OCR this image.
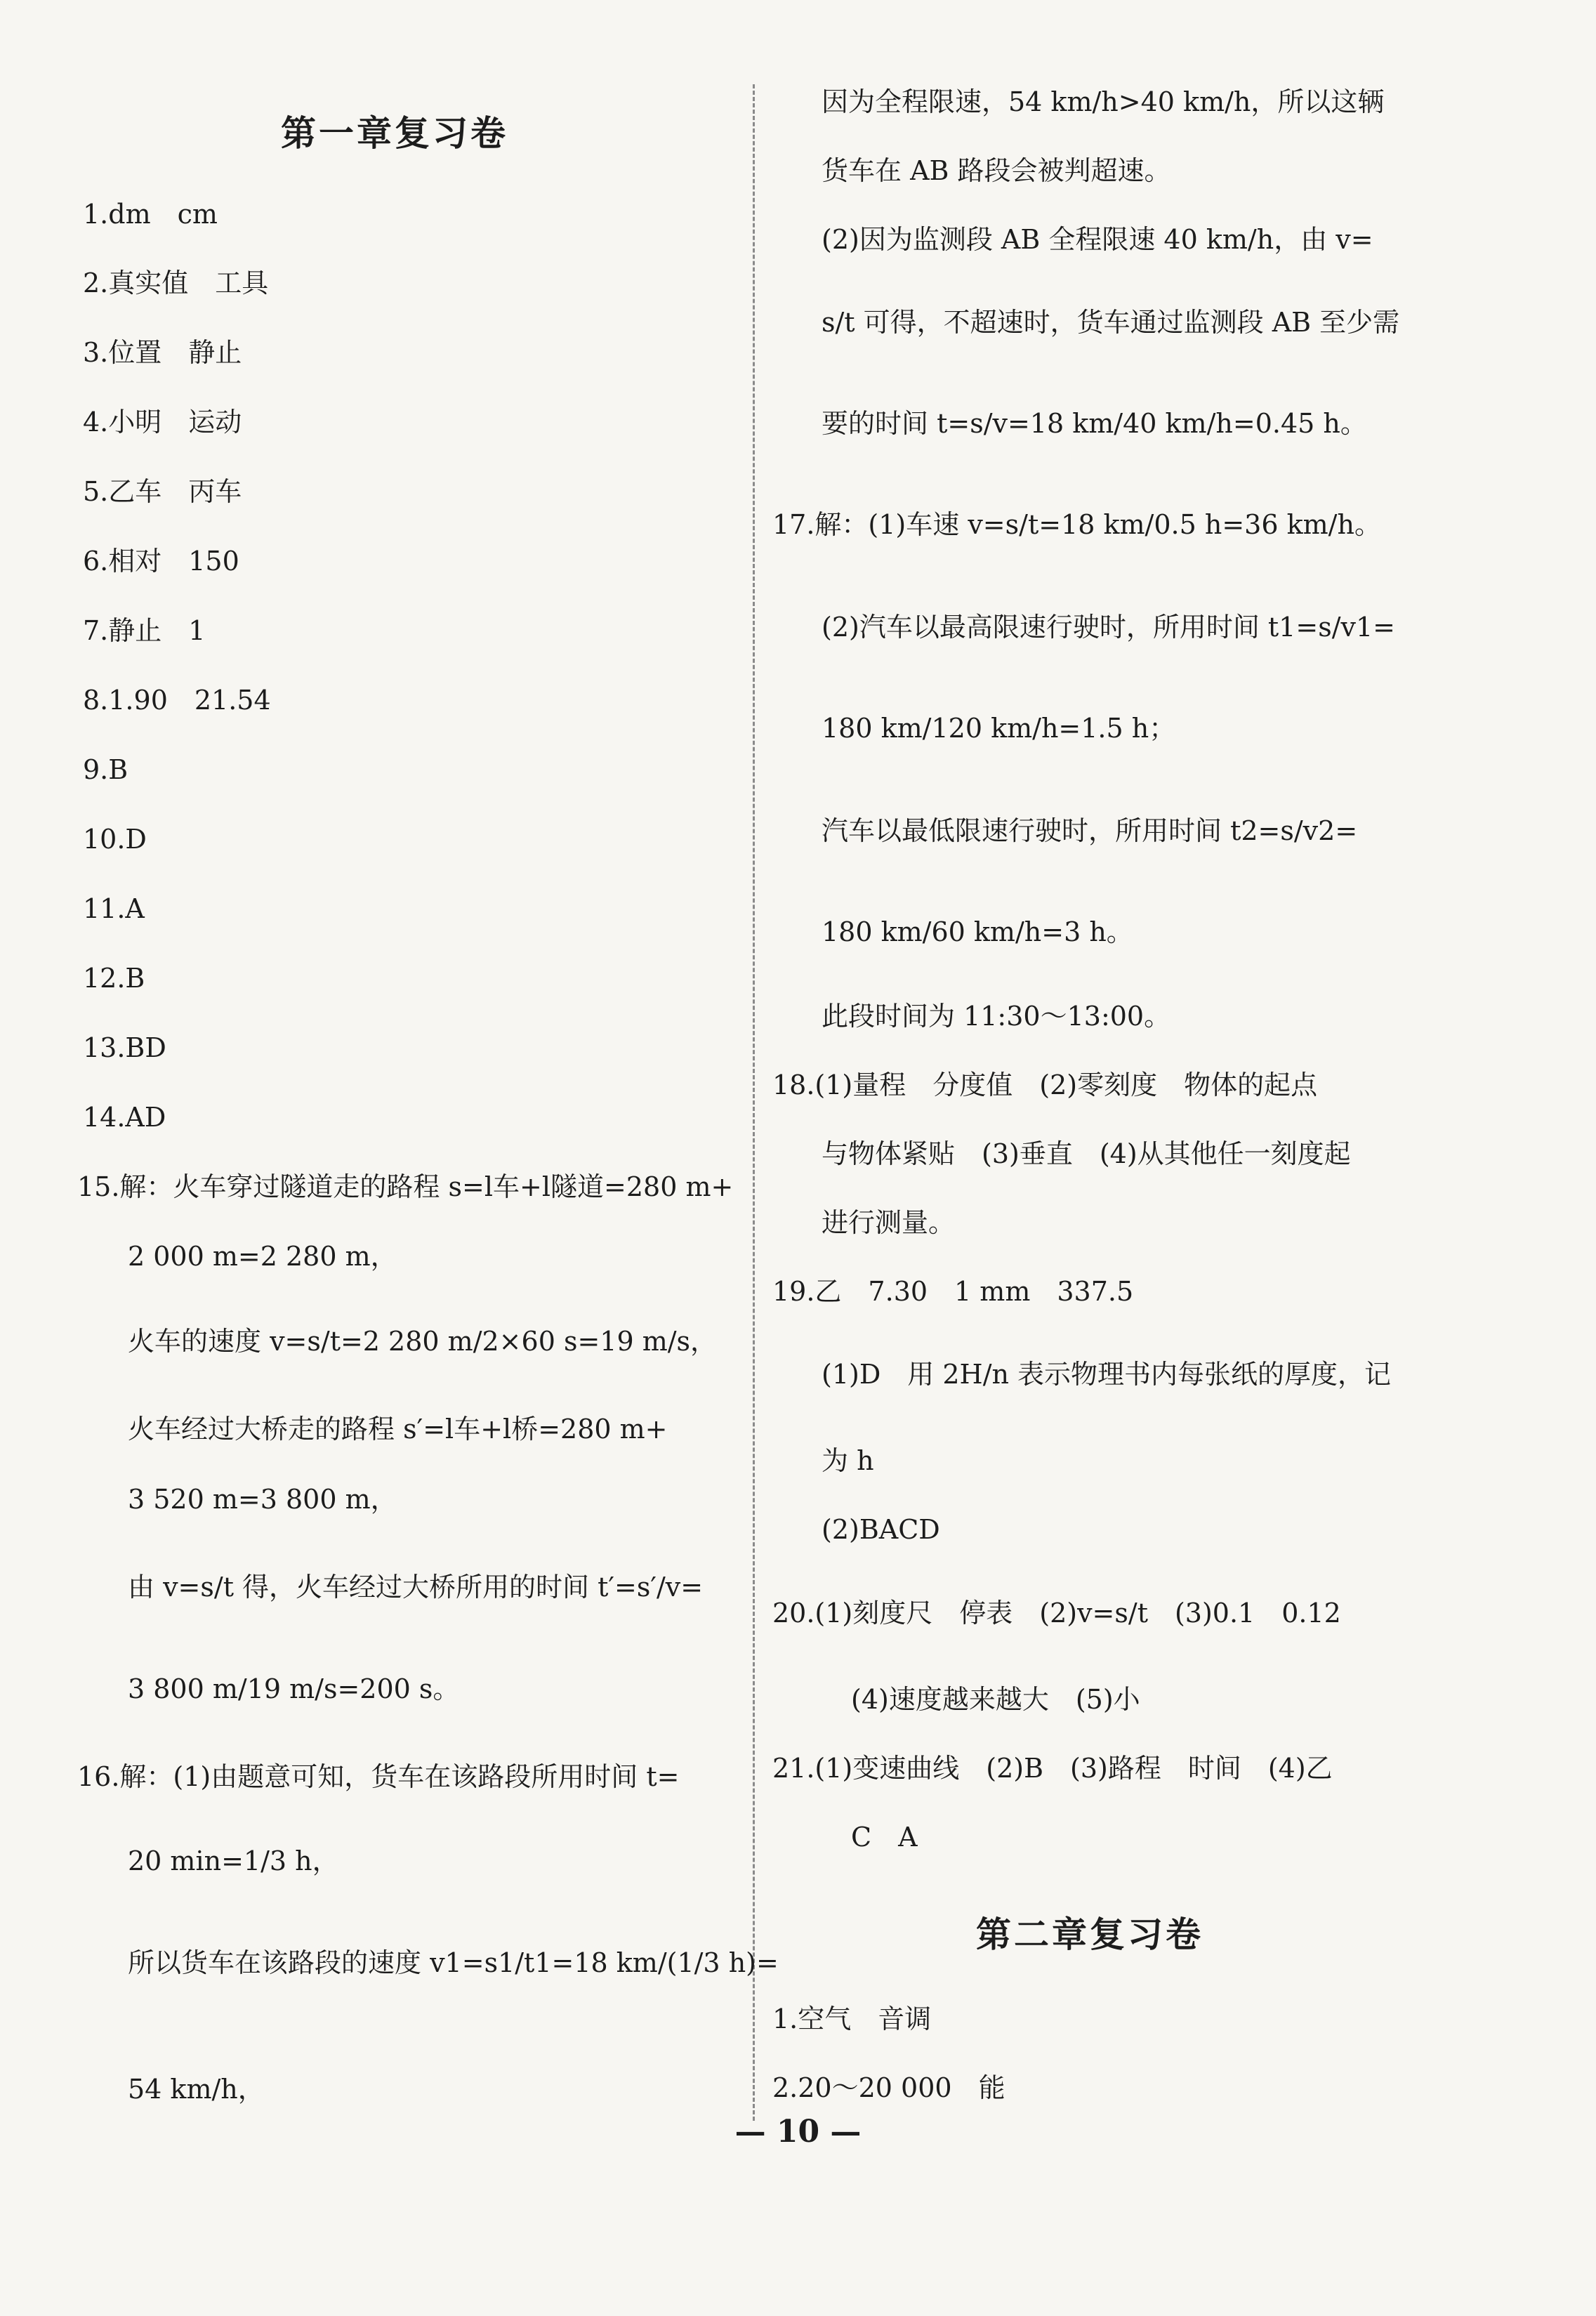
第一章复习卷
1.dm　cm
2.真实值　工具
3.位置　静止
4.小明　运动
5.乙车　丙车
6.相对　150
7.静止　1
8.1.90　21.54
9.B
10.D
11.A
12.B
13.BD
14.AD
15.解：火车穿过隧道走的路程 s=l车+l隧道=280 m+
2 000 m=2 280 m，
火车的速度 v=s/t=2 280 m/2×60 s=19 m/s，
火车经过大桥走的路程 s′=l车+l桥=280 m+
3 520 m=3 800 m，
由 v=s/t 得，火车经过大桥所用的时间 t′=s′/v=
3 800 m/19 m/s=200 s。
16.解：(1)由题意可知，货车在该路段所用时间 t=
20 min=1/3 h，
所以货车在该路段的速度 v1=s1/t1=18 km/(1/3 h)=
54 km/h，
因为全程限速，54 km/h>40 km/h，所以这辆
货车在 AB 路段会被判超速。
(2)因为监测段 AB 全程限速 40 km/h，由 v=
s/t 可得，不超速时，货车通过监测段 AB 至少需
要的时间 t=s/v=18 km/40 km/h=0.45 h。
17.解：(1)车速 v=s/t=18 km/0.5 h=36 km/h。
(2)汽车以最高限速行驶时，所用时间 t1=s/v1=
180 km/120 km/h=1.5 h；
汽车以最低限速行驶时，所用时间 t2=s/v2=
180 km/60 km/h=3 h。
此段时间为 11:30～13:00。
18.(1)量程　分度值　(2)零刻度　物体的起点
与物体紧贴　(3)垂直　(4)从其他任一刻度起
进行测量。
19.乙　7.30　1 mm　337.5
(1)D　用 2H/n 表示物理书内每张纸的厚度，记
为 h
(2)BACD
20.(1)刻度尺　停表　(2)v=s/t　(3)0.1　0.12
(4)速度越来越大　(5)小
21.(1)变速曲线　(2)B　(3)路程　时间　(4)乙
C　A
第二章复习卷
1.空气　音调
2.20～20 000　能
— 10 —
